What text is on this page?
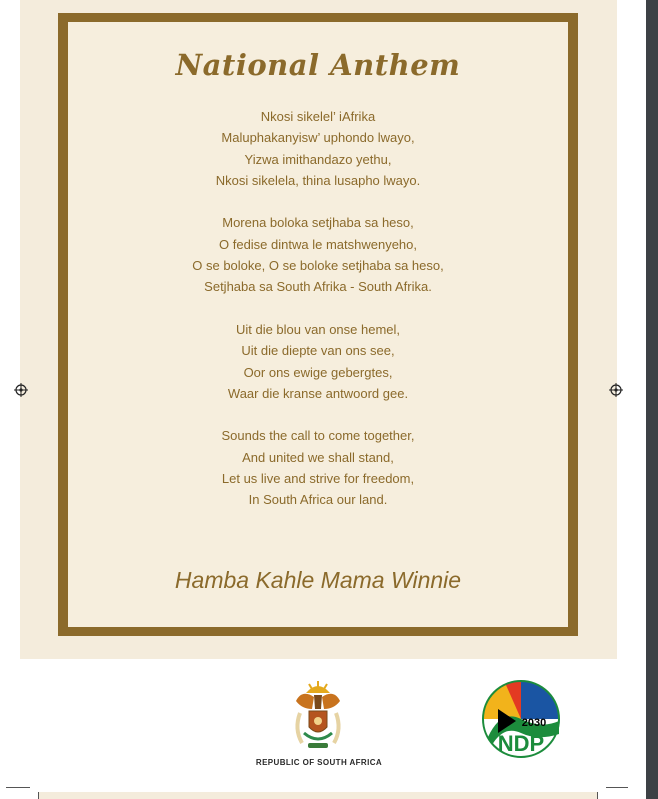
National Anthem

Nkosi sikelel’ iAfrika
Maluphakanyisw’ uphondo lwayo,
Yizwa imithandazo yethu,
Nkosi sikelela, thina lusapho lwayo.

Morena boloka setjhaba sa heso,
O fedise dintwa le matshwenyeho,
O se boloke, O se boloke setjhaba sa heso,
Setjhaba sa South Afrika - South Afrika.

Uit die blou van onse hemel,
Uit die diepte van ons see,
Oor ons ewige gebergtes,
Waar die kranse antwoord gee.

Sounds the call to come together,
And united we shall stand,
Let us live and strive for freedom,
In South Africa our land.

Hamba Kahle Mama Winnie
REPUBLIC OF SOUTH AFRICA
2030
NDP
